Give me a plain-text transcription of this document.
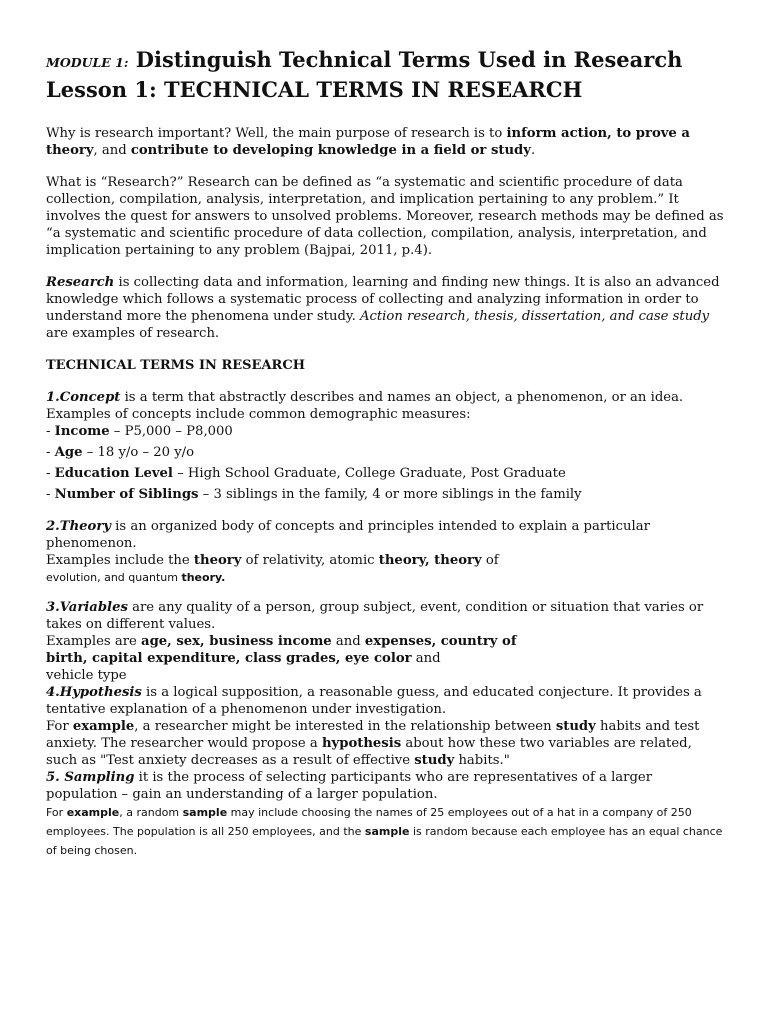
MODULE 1: Distinguish Technical Terms Used in Research

Lesson 1: TECHNICAL TERMS IN RESEARCH

Why is research important? Well, the main purpose of research is to inform action, to prove a theory, and contribute to developing knowledge in a field or study.

What is “Research?” Research can be defined as “a systematic and scientific procedure of data collection, compilation, analysis, interpretation, and implication pertaining to any problem.” It involves the quest for answers to unsolved problems. Moreover, research methods may be defined as “a systematic and scientific procedure of data collection, compilation, analysis, interpretation, and implication pertaining to any problem (Bajpai, 2011, p.4).

Research is collecting data and information, learning and finding new things. It is also an advanced knowledge which follows a systematic process of collecting and analyzing information in order to understand more the phenomena under study. Action research, thesis, dissertation, and case study are examples of research.

TECHNICAL TERMS IN RESEARCH

1.Concept is a term that abstractly describes and names an object, a phenomenon, or an idea.

Examples of concepts include common demographic measures:

- Income – P5,000 – P8,000

- Age – 18 y/o – 20 y/o

- Education Level – High School Graduate, College Graduate, Post Graduate

- Number of Siblings – 3 siblings in the family, 4 or more siblings in the family

2.Theory is an organized body of concepts and principles intended to explain a particular phenomenon.

Examples include the theory of relativity, atomic theory, theory of

evolution, and quantum theory.

3.Variables are any quality of a person, group subject, event, condition or situation that varies or takes on different values.

Examples are age, sex, business income and expenses, country of

birth, capital expenditure, class grades, eye color and

vehicle type

4.Hypothesis is a logical supposition, a reasonable guess, and educated conjecture. It provides a tentative explanation of a phenomenon under investigation.

For example, a researcher might be interested in the relationship between study habits and test anxiety. The researcher would propose a hypothesis about how these two variables are related, such as "Test anxiety decreases as a result of effective study habits."

5. Sampling it is the process of selecting participants who are representatives of a larger population – gain an understanding of a larger population.

For example, a random sample may include choosing the names of 25 employees out of a hat in a company of 250 employees. The population is all 250 employees, and the sample is random because each employee has an equal chance of being chosen.
